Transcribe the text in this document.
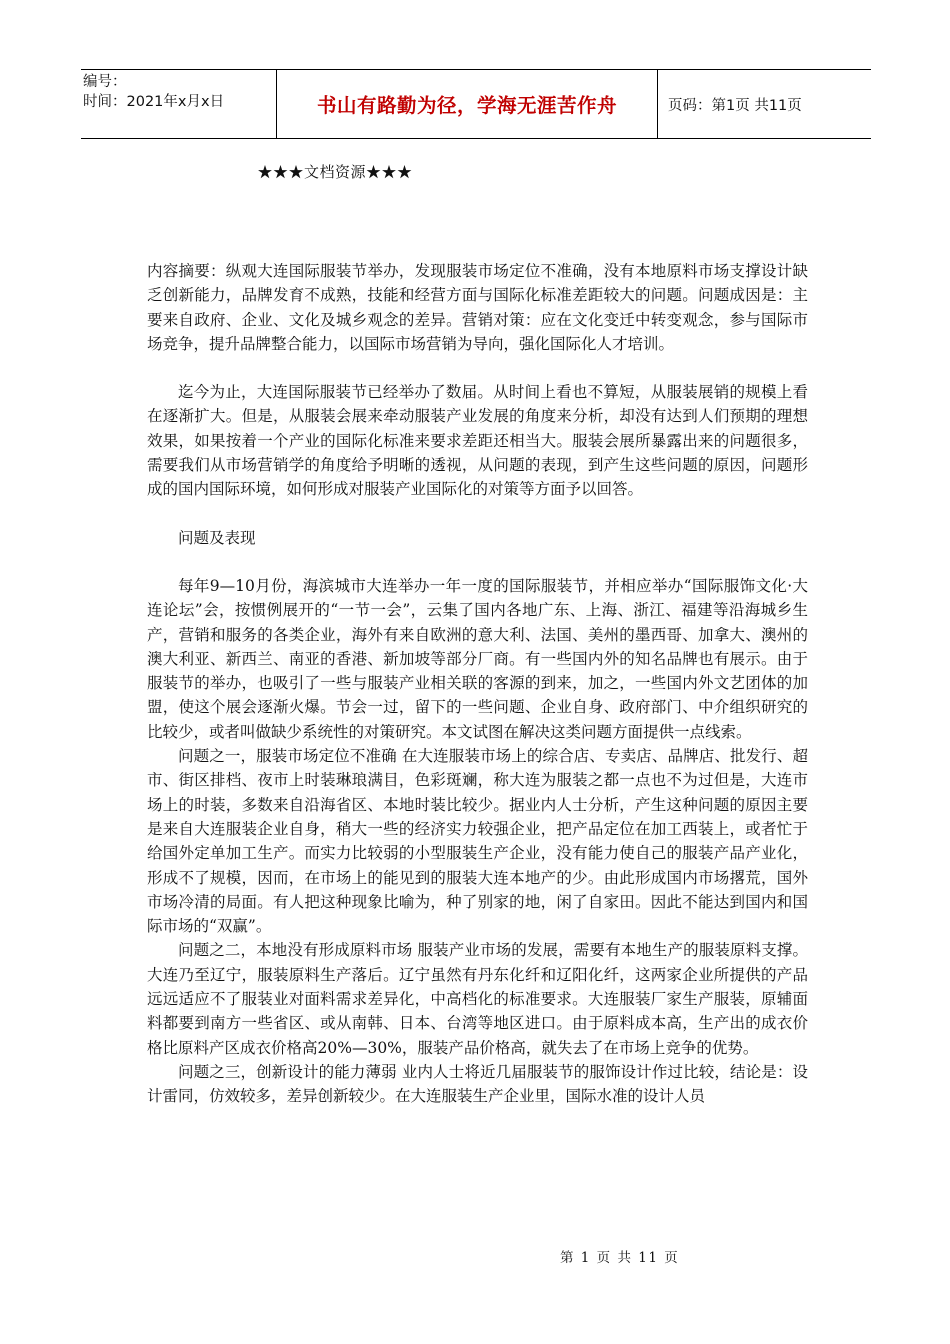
编号：
时间：2021年x月x日	书山有路勤为径，学海无涯苦作舟	页码：第1页 共11页
★★★文档资源★★★

内容摘要：纵观大连国际服装节举办，发现服装市场定位不准确，没有本地原料市场支撑设计缺乏创新能力，品牌发育不成熟，技能和经营方面与国际化标准差距较大的问题。问题成因是：主要来自政府、企业、文化及城乡观念的差异。营销对策：应在文化变迁中转变观念，参与国际市场竞争，提升品牌整合能力，以国际市场营销为导向，强化国际化人才培训。

迄今为止，大连国际服装节已经举办了数届。从时间上看也不算短，从服装展销的规模上看在逐渐扩大。但是，从服装会展来牵动服装产业发展的角度来分析，却没有达到人们预期的理想效果，如果按着一个产业的国际化标准来要求差距还相当大。服装会展所暴露出来的问题很多，需要我们从市场营销学的角度给予明晰的透视，从问题的表现，到产生这些问题的原因，问题形成的国内国际环境，如何形成对服装产业国际化的对策等方面予以回答。

问题及表现

每年9—10月份，海滨城市大连举办一年一度的国际服装节，并相应举办“国际服饰文化·大连论坛”会，按惯例展开的“一节一会”，云集了国内各地广东、上海、浙江、福建等沿海城乡生产，营销和服务的各类企业，海外有来自欧洲的意大利、法国、美州的墨西哥、加拿大、澳州的澳大利亚、新西兰、南亚的香港、新加坡等部分厂商。有一些国内外的知名品牌也有展示。由于服装节的举办，也吸引了一些与服装产业相关联的客源的到来，加之，一些国内外文艺团体的加盟，使这个展会逐渐火爆。节会一过，留下的一些问题、企业自身、政府部门、中介组织研究的比较少，或者叫做缺少系统性的对策研究。本文试图在解决这类问题方面提供一点线索。

问题之一，服装市场定位不准确 在大连服装市场上的综合店、专卖店、品牌店、批发行、超市、街区排档、夜市上时装琳琅满目，色彩斑斓，称大连为服装之都一点也不为过但是，大连市场上的时装，多数来自沿海省区、本地时装比较少。据业内人士分析，产生这种问题的原因主要是来自大连服装企业自身，稍大一些的经济实力较强企业，把产品定位在加工西装上，或者忙于给国外定单加工生产。而实力比较弱的小型服装生产企业，没有能力使自己的服装产品产业化，形成不了规模，因而，在市场上的能见到的服装大连本地产的少。由此形成国内市场撂荒，国外市场冷清的局面。有人把这种现象比喻为，种了别家的地，闲了自家田。因此不能达到国内和国际市场的“双赢”。

问题之二，本地没有形成原料市场 服装产业市场的发展，需要有本地生产的服装原料支撑。大连乃至辽宁，服装原料生产落后。辽宁虽然有丹东化纤和辽阳化纤，这两家企业所提供的产品远远适应不了服装业对面料需求差异化，中高档化的标准要求。大连服装厂家生产服装，原辅面料都要到南方一些省区、或从南韩、日本、台湾等地区进口。由于原料成本高，生产出的成衣价格比原料产区成衣价格高20%—30%，服装产品价格高，就失去了在市场上竞争的优势。

问题之三，创新设计的能力薄弱 业内人士将近几届服装节的服饰设计作过比较，结论是：设计雷同，仿效较多，差异创新较少。在大连服装生产企业里，国际水准的设计人员

第 1 页 共 11 页
